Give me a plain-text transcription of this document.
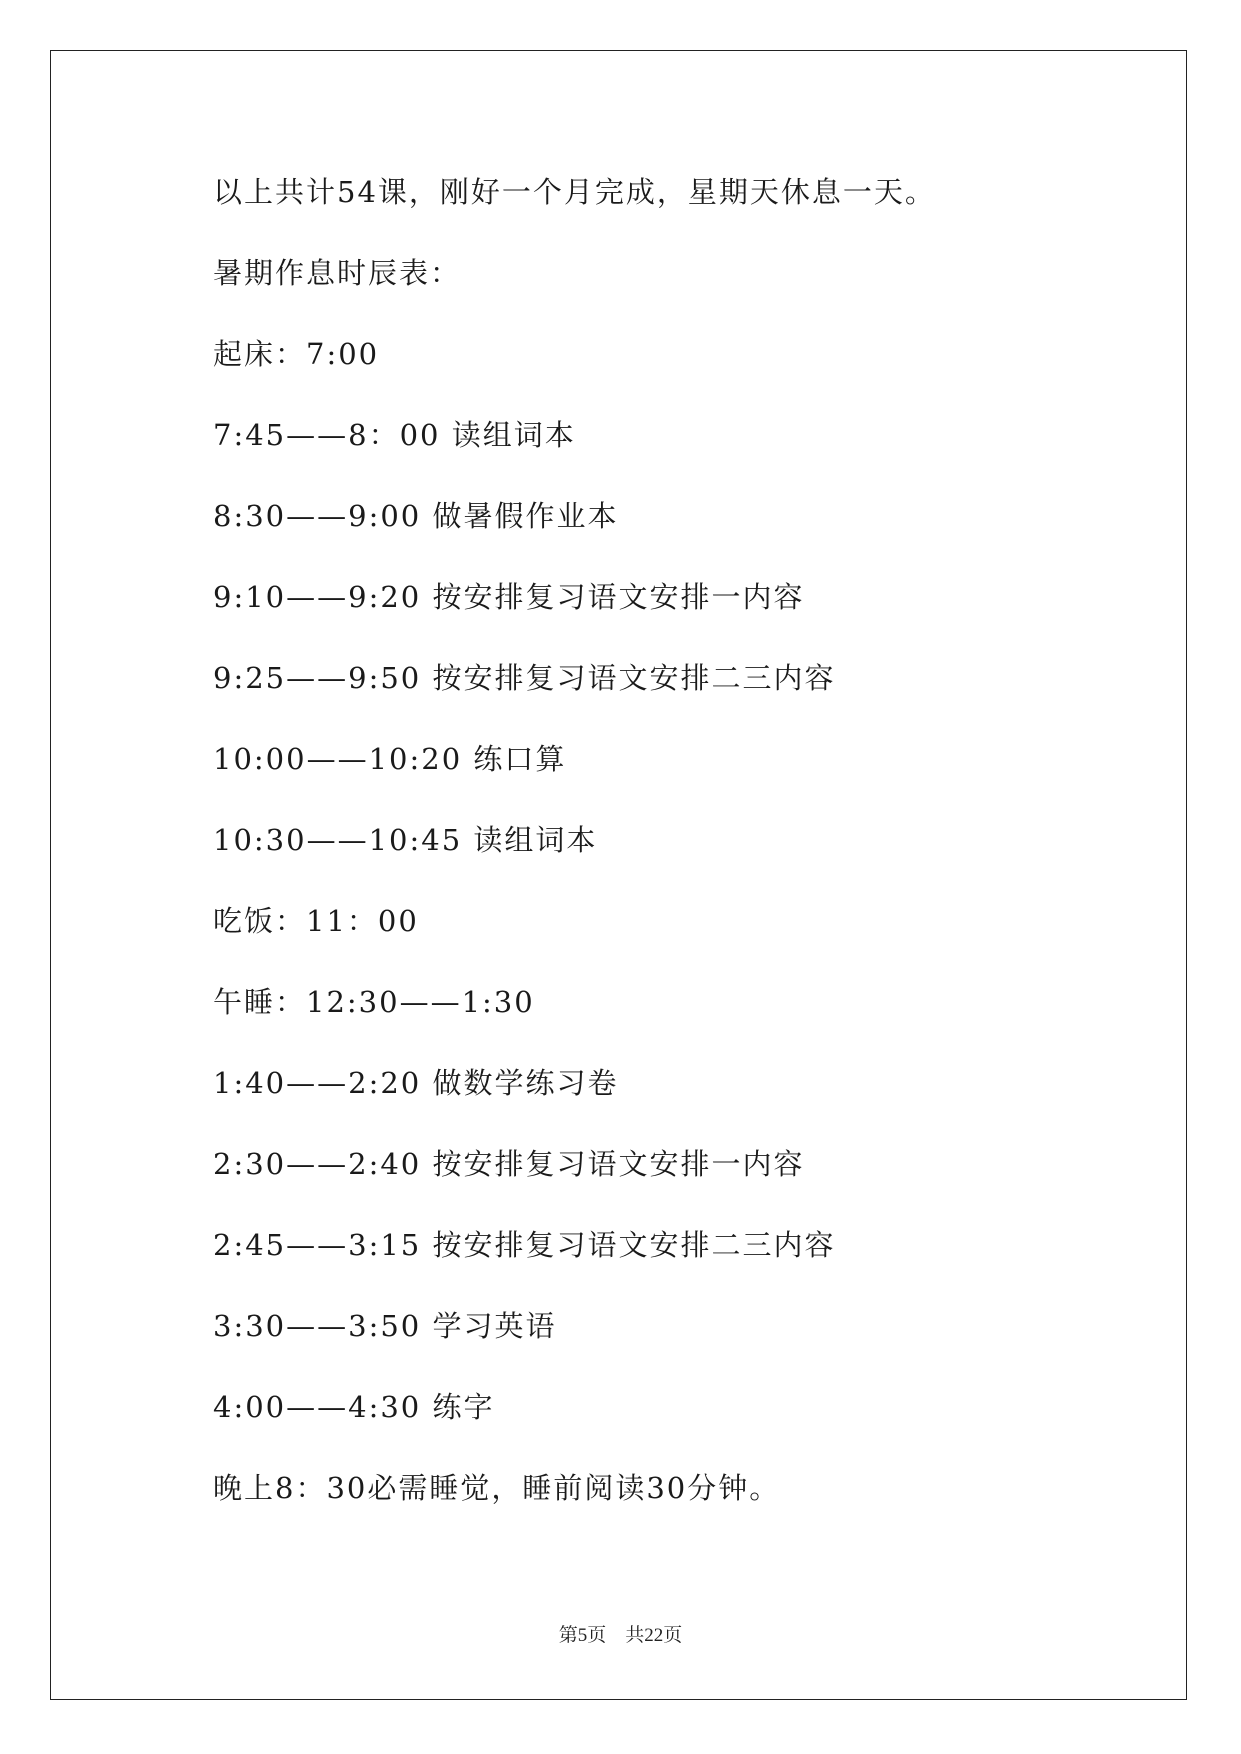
以上共计54课，刚好一个月完成，星期天休息一天。
暑期作息时辰表：
起床：7:00
7:45——8：00 读组词本
8:30——9:00 做暑假作业本
9:10——9:20 按安排复习语文安排一内容
9:25——9:50 按安排复习语文安排二三内容
10:00——10:20 练口算
10:30——10:45 读组词本
吃饭：11：00
午睡：12:30——1:30
1:40——2:20 做数学练习卷
2:30——2:40 按安排复习语文安排一内容
2:45——3:15 按安排复习语文安排二三内容
3:30——3:50 学习英语
4:00——4:30 练字
晚上8：30必需睡觉，睡前阅读30分钟。
第5页    共22页
